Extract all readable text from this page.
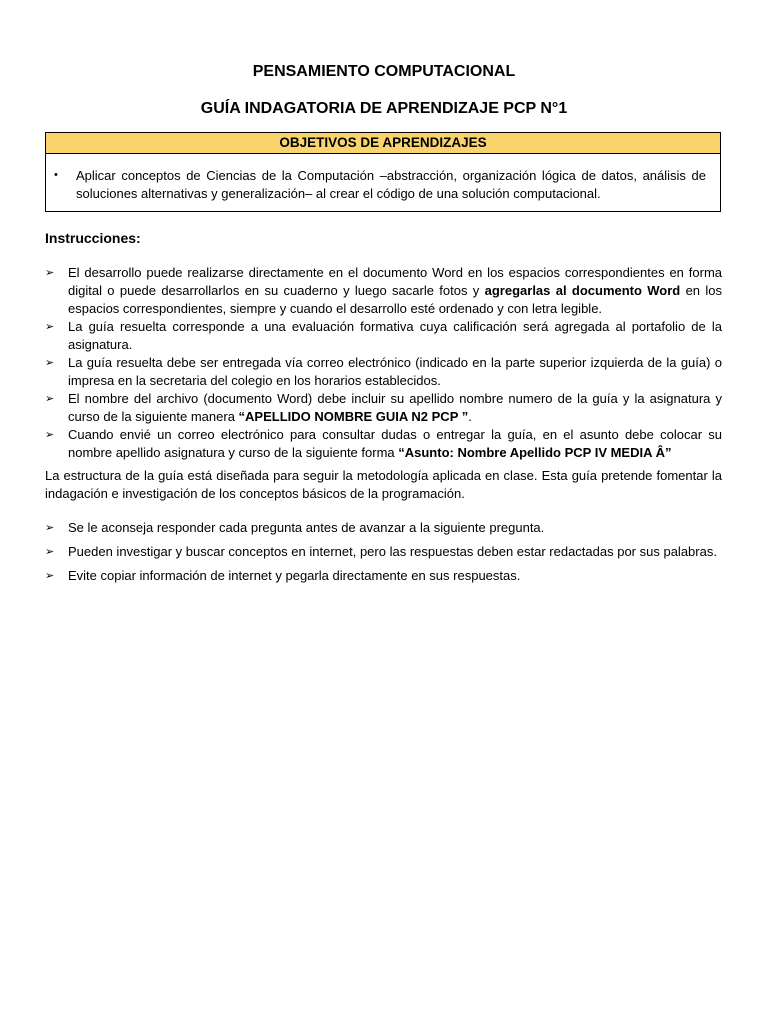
PENSAMIENTO COMPUTACIONAL
GUÍA INDAGATORIA DE APRENDIZAJE PCP N°1
OBJETIVOS DE APRENDIZAJES
• Aplicar conceptos de Ciencias de la Computación –abstracción, organización lógica de datos, análisis de soluciones alternativas y generalización– al crear el código de una solución computacional.
Instrucciones:
➢ El desarrollo puede realizarse directamente en el documento Word en los espacios correspondientes en forma digital o puede desarrollarlos en su cuaderno y luego sacarle fotos y agregarlas al documento Word en los espacios correspondientes, siempre y cuando el desarrollo esté ordenado y con letra legible.
➢ La guía resuelta corresponde a una evaluación formativa cuya calificación será agregada al portafolio de la asignatura.
➢ La guía resuelta debe ser entregada vía correo electrónico (indicado en la parte superior izquierda de la guía) o impresa en la secretaria del colegio en los horarios establecidos.
➢ El nombre del archivo (documento Word) debe incluir su apellido nombre numero de la guía y la asignatura y curso de la siguiente manera “APELLIDO NOMBRE GUIA N2 PCP ”.
➢ Cuando envié un correo electrónico para consultar dudas o entregar la guía, en el asunto debe colocar su nombre apellido asignatura y curso de la siguiente forma “Asunto: Nombre Apellido PCP IV MEDIA Â”

La estructura de la guía está diseñada para seguir la metodología aplicada en clase. Esta guía pretende fomentar la indagación e investigación de los conceptos básicos de la programación.

➢ Se le aconseja responder cada pregunta antes de avanzar a la siguiente pregunta.
➢ Pueden investigar y buscar conceptos en internet, pero las respuestas deben estar redactadas por sus palabras.
➢ Evite copiar información de internet y pegarla directamente en sus respuestas.
